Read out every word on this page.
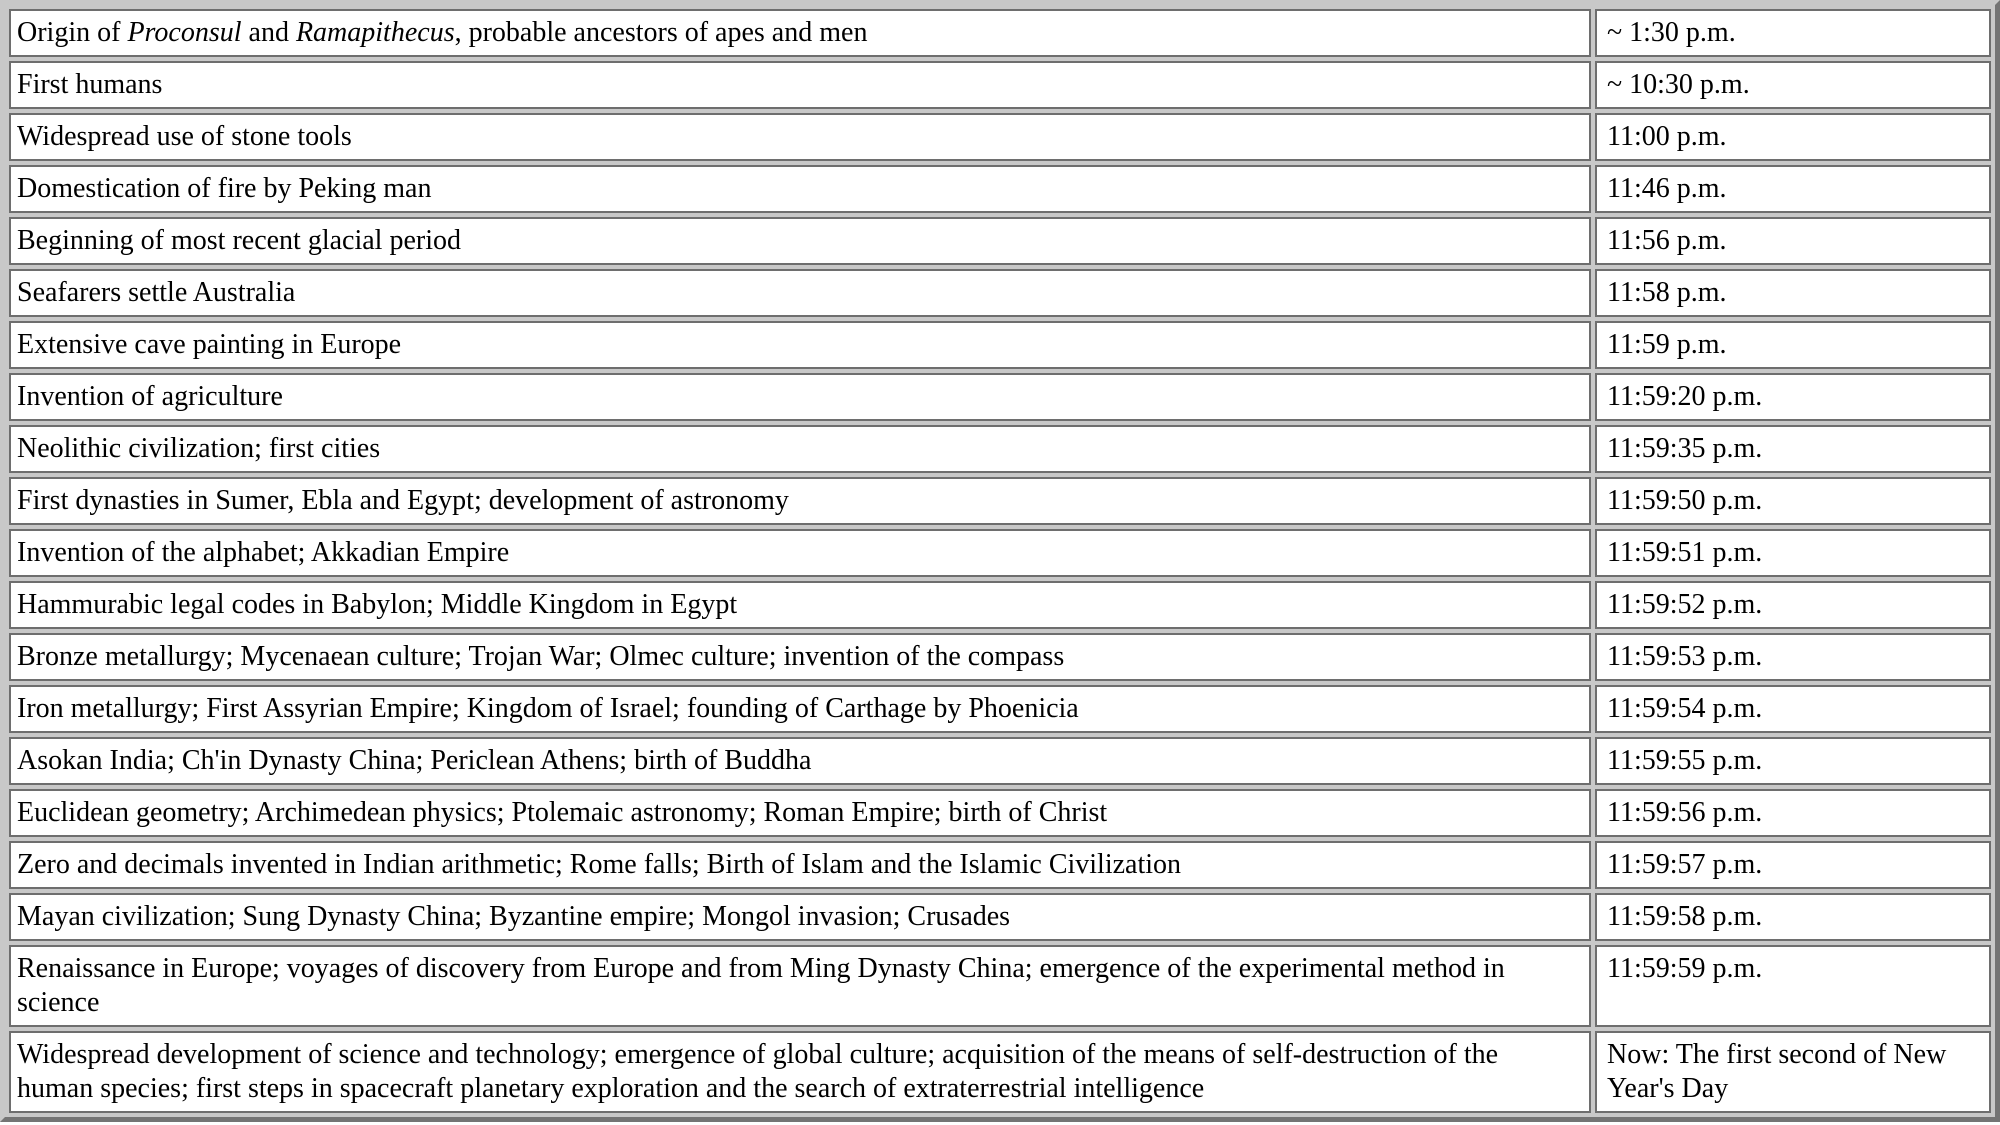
Origin of Proconsul and Ramapithecus, probable ancestors of apes and men	~ 1:30 p.m.
First humans	~ 10:30 p.m.
Widespread use of stone tools	11:00 p.m.
Domestication of fire by Peking man	11:46 p.m.
Beginning of most recent glacial period	11:56 p.m.
Seafarers settle Australia	11:58 p.m.
Extensive cave painting in Europe	11:59 p.m.
Invention of agriculture	11:59:20 p.m.
Neolithic civilization; first cities	11:59:35 p.m.
First dynasties in Sumer, Ebla and Egypt; development of astronomy	11:59:50 p.m.
Invention of the alphabet; Akkadian Empire	11:59:51 p.m.
Hammurabic legal codes in Babylon; Middle Kingdom in Egypt	11:59:52 p.m.
Bronze metallurgy; Mycenaean culture; Trojan War; Olmec culture; invention of the compass	11:59:53 p.m.
Iron metallurgy; First Assyrian Empire; Kingdom of Israel; founding of Carthage by Phoenicia	11:59:54 p.m.
Asokan India; Ch'in Dynasty China; Periclean Athens; birth of Buddha	11:59:55 p.m.
Euclidean geometry; Archimedean physics; Ptolemaic astronomy; Roman Empire; birth of Christ	11:59:56 p.m.
Zero and decimals invented in Indian arithmetic; Rome falls; Birth of Islam and the Islamic Civilization	11:59:57 p.m.
Mayan civilization; Sung Dynasty China; Byzantine empire; Mongol invasion; Crusades	11:59:58 p.m.
Renaissance in Europe; voyages of discovery from Europe and from Ming Dynasty China; emergence of the experimental method in science	11:59:59 p.m.
Widespread development of science and technology; emergence of global culture; acquisition of the means of self-destruction of the human species; first steps in spacecraft planetary exploration and the search of extraterrestrial intelligence	Now: The first second of New Year's Day
